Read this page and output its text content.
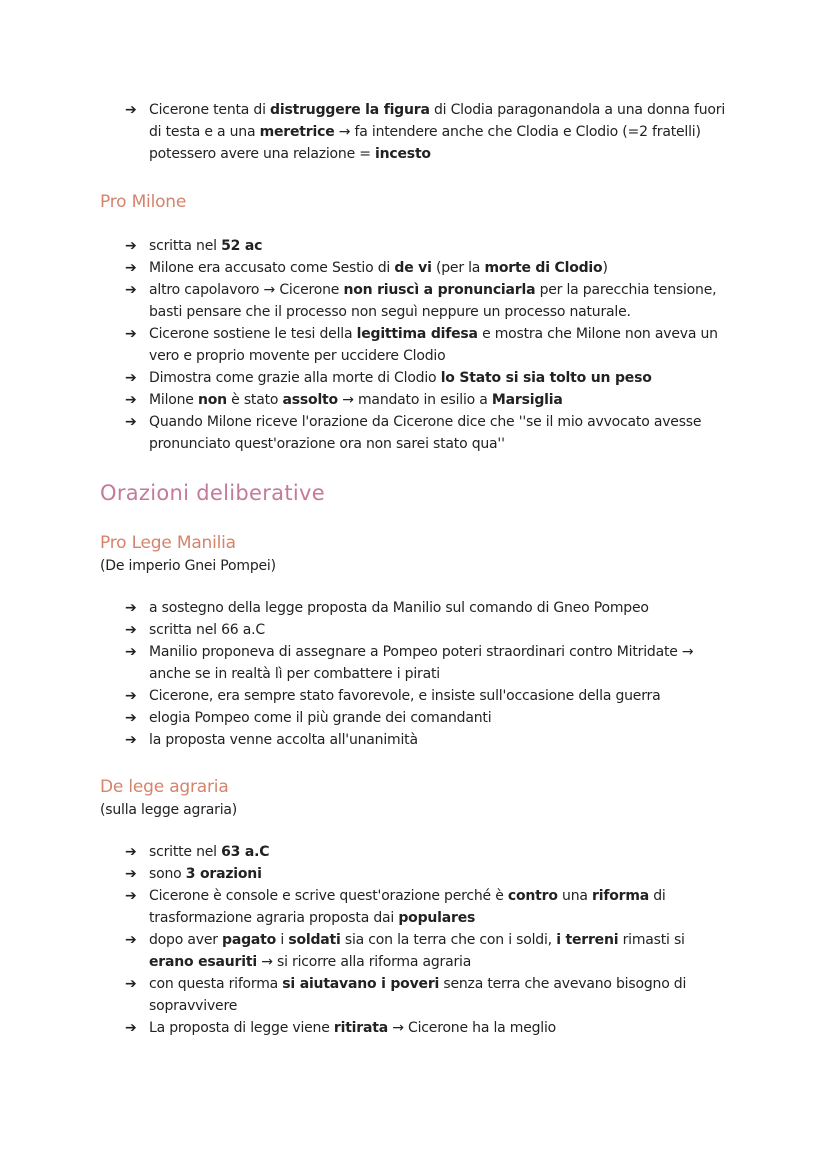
➔ Cicerone tenta di distruggere la figura di Clodia paragonandola a una donna fuori di testa e a una meretrice → fa intendere anche che Clodia e Clodio (=2 fratelli) potessero avere una relazione = incesto
Pro Milone
➔ scritta nel 52 ac
➔ Milone era accusato come Sestio di de vi (per la morte di Clodio)
➔ altro capolavoro → Cicerone non riuscì a pronunciarla per la parecchia tensione, basti pensare che il processo non seguì neppure un processo naturale.
➔ Cicerone sostiene le tesi della legittima difesa e mostra che Milone non aveva un vero e proprio movente per uccidere Clodio
➔ Dimostra come grazie alla morte di Clodio lo Stato si sia tolto un peso
➔ Milone non è stato assolto → mandato in esilio a Marsiglia
➔ Quando Milone riceve l'orazione da Cicerone dice che ''se il mio avvocato avesse pronunciato quest'orazione ora non sarei stato qua''
Orazioni deliberative
Pro Lege Manilia

(De imperio Gnei Pompei)

➔ a sostegno della legge proposta da Manilio sul comando di Gneo Pompeo
➔ scritta nel 66 a.C
➔ Manilio proponeva di assegnare a Pompeo poteri straordinari contro Mitridate → anche se in realtà lì per combattere i pirati
➔ Cicerone, era sempre stato favorevole, e insiste sull'occasione della guerra
➔ elogia Pompeo come il più grande dei comandanti
➔ la proposta venne accolta all'unanimità
De lege agraria

(sulla legge agraria)

➔ scritte nel 63 a.C
➔ sono 3 orazioni
➔ Cicerone è console e scrive quest'orazione perché è contro una riforma di trasformazione agraria proposta dai populares
➔ dopo aver pagato i soldati sia con la terra che con i soldi, i terreni rimasti si erano esauriti → si ricorre alla riforma agraria
➔ con questa riforma si aiutavano i poveri senza terra che avevano bisogno di sopravvivere
➔ La proposta di legge viene ritirata → Cicerone ha la meglio
